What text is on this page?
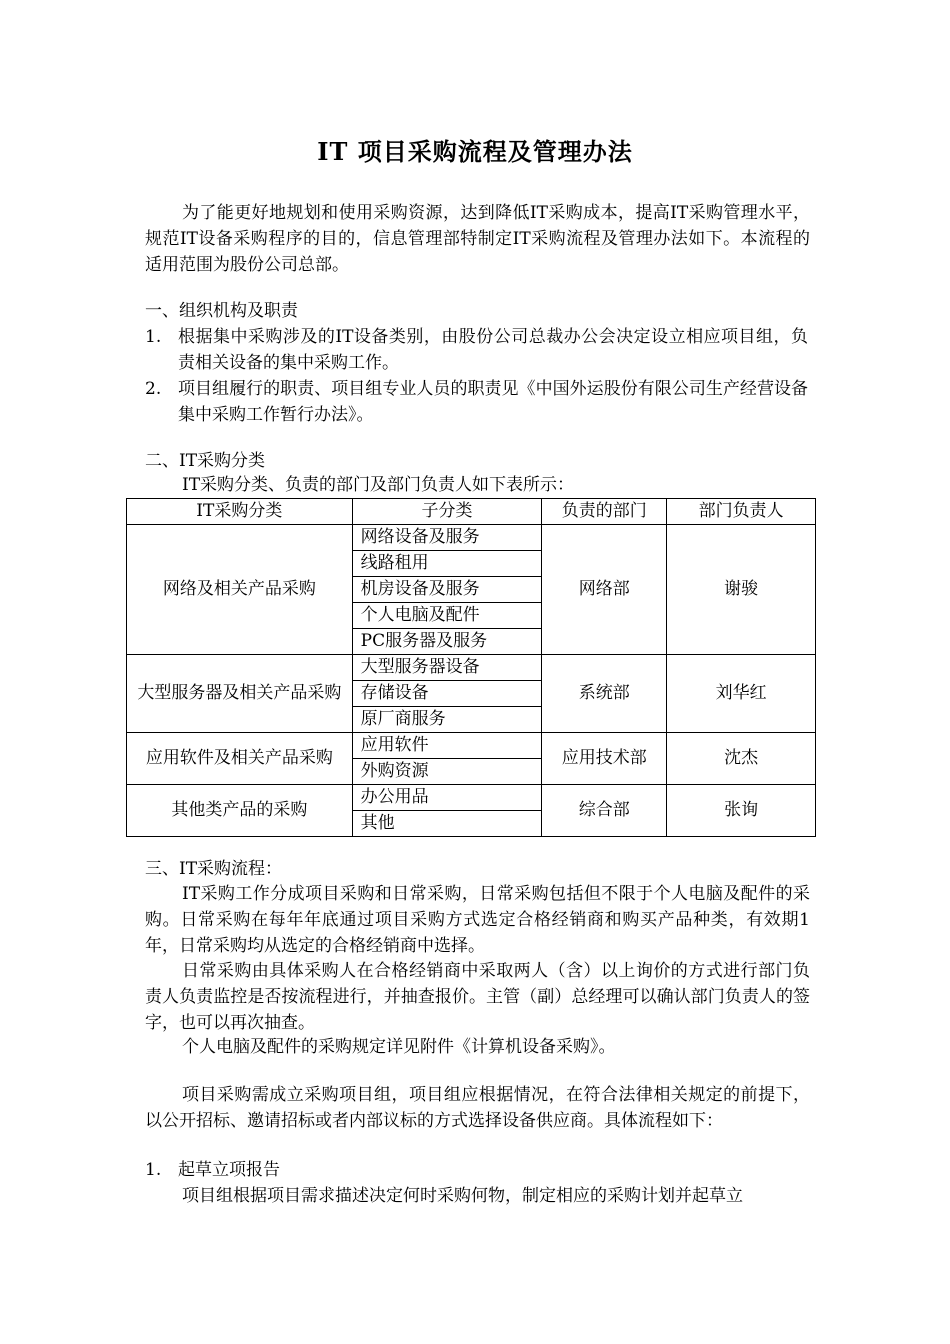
IT 项目采购流程及管理办法
为了能更好地规划和使用采购资源，达到降低IT采购成本，提高IT采购管理水平，规范IT设备采购程序的目的，信息管理部特制定IT采购流程及管理办法如下。本流程的适用范围为股份公司总部。
一、组织机构及职责
1. 根据集中采购涉及的IT设备类别，由股份公司总裁办公会决定设立相应项目组，负责相关设备的集中采购工作。
2. 项目组履行的职责、项目组专业人员的职责见《中国外运股份有限公司生产经营设备集中采购工作暂行办法》。
二、IT采购分类
IT采购分类、负责的部门及部门负责人如下表所示：
IT采购分类	子分类	负责的部门	部门负责人
网络及相关产品采购	网络设备及服务	网络部	谢骏
	线路租用		
	机房设备及服务		
	个人电脑及配件		
	PC服务器及服务		
大型服务器及相关产品采购	大型服务器设备	系统部	刘华红
	存储设备		
	原厂商服务		
应用软件及相关产品采购	应用软件	应用技术部	沈杰
	外购资源		
其他类产品的采购	办公用品	综合部	张询
	其他		
三、IT采购流程：
IT采购工作分成项目采购和日常采购，日常采购包括但不限于个人电脑及配件的采购。日常采购在每年年底通过项目采购方式选定合格经销商和购买产品种类，有效期1年，日常采购均从选定的合格经销商中选择。
日常采购由具体采购人在合格经销商中采取两人（含）以上询价的方式进行部门负责人负责监控是否按流程进行，并抽查报价。主管（副）总经理可以确认部门负责人的签字，也可以再次抽查。
个人电脑及配件的采购规定详见附件《计算机设备采购》。
项目采购需成立采购项目组，项目组应根据情况，在符合法律相关规定的前提下，以公开招标、邀请招标或者内部议标的方式选择设备供应商。具体流程如下：
1. 起草立项报告
项目组根据项目需求描述决定何时采购何物，制定相应的采购计划并起草立
